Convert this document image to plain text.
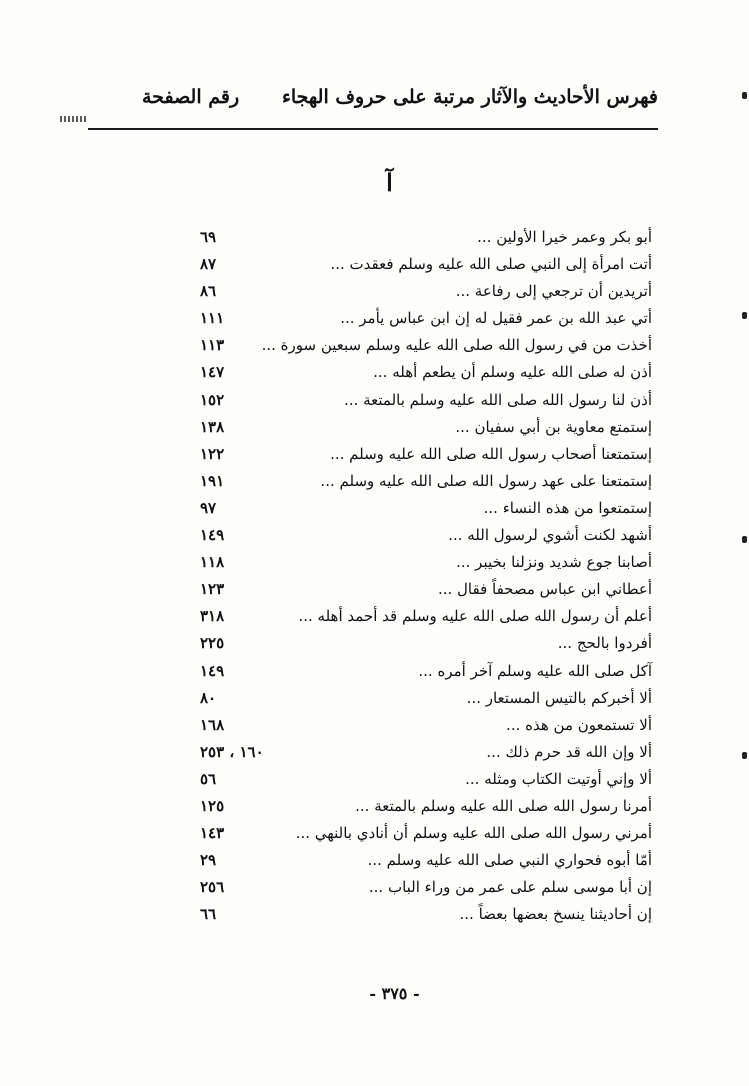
فهرس الأحاديث والآثار مرتبة على حروف الهجاء
رقم الصفحة
آ
أبو بكر وعمر خيرا الأولين ...
٦٩
أتت امرأة إلى النبي صلى الله عليه وسلم فعقدت ...
٨٧
أتريدين أن ترجعي إلى رفاعة ...
٨٦
أتي عبد الله بن عمر فقيل له إن ابن عباس يأمر ...
١١١
أخذت من في رسول الله صلى الله عليه وسلم سبعين سورة ...
١١٣
أذن له صلى الله عليه وسلم أن يطعم أهله ...
١٤٧
أذن لنا رسول الله صلى الله عليه وسلم بالمتعة ...
١٥٢
إستمتع معاوية بن أبي سفيان ...
١٣٨
إستمتعنا أصحاب رسول الله صلى الله عليه وسلم ...
١٢٢
إستمتعنا على عهد رسول الله صلى الله عليه وسلم ...
١٩١
إستمتعوا من هذه النساء ...
٩٧
أشهد لكنت أشوي لرسول الله ...
١٤٩
أصابنا جوع شديد ونزلنا بخيبر ...
١١٨
أعطاني ابن عباس مصحفاً فقال ...
١٢٣
أعلم أن رسول الله صلى الله عليه وسلم قد أحمد أهله ...
٣١٨
أفردوا بالحج ...
٢٢٥
آكل صلى الله عليه وسلم آخر أمره ...
١٤٩
ألا أخبركم بالتيس المستعار ...
٨٠
ألا تستمعون من هذه ...
١٦٨
ألا وإن الله قد حرم ذلك ...
١٦٠ ، ٢٥٣
ألا وإني أوتيت الكتاب ومثله ...
٥٦
أمرنا رسول الله صلى الله عليه وسلم بالمتعة ...
١٢٥
أمرني رسول الله صلى الله عليه وسلم أن أنادي بالنهي ...
١٤٣
أمّا أبوه فحواري النبي صلى الله عليه وسلم ...
٢٩
إن أبا موسى سلم على عمر من وراء الباب ...
٢٥٦
إن أحاديثنا ينسخ بعضها بعضاً ...
٦٦
- ٣٧٥ -
